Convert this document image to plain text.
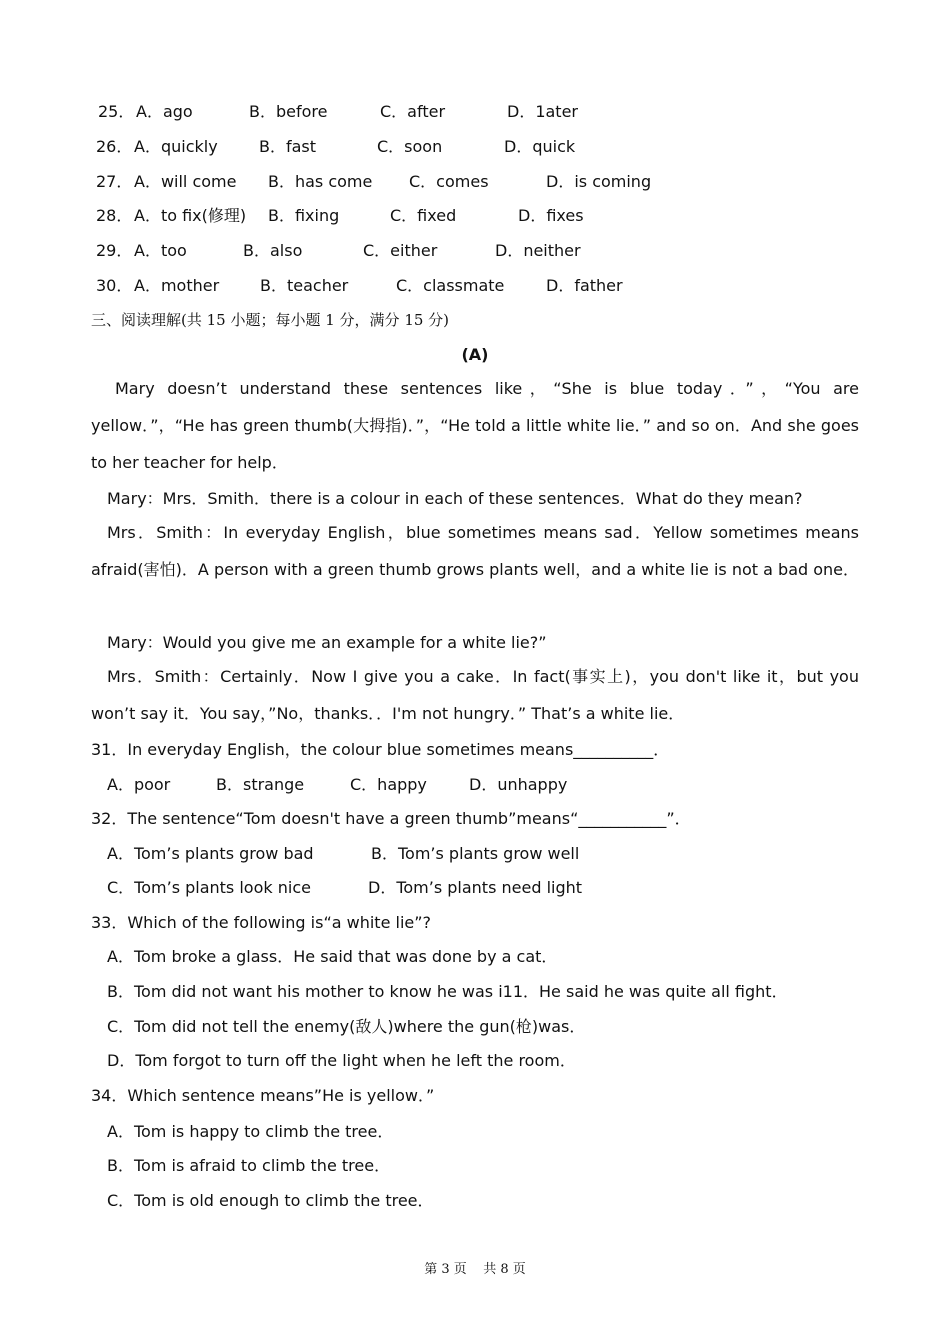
25． A．ago	B．before	C．after	D．1ater
26． A．quickly	B．fast	C．soon	D．quick
27． A．will come B．has come C．comes	D．is coming
28． A．to fix(修理) B．fixing	C．fixed	D．fixes
29． A．too	B．also	C．either	D．neither
30． A．mother	B．teacher	C．classmate	D．father
三、阅读理解(共 15 小题；每小题 1 分，满分 15 分)
(A)
Mary doesn’t understand these sentences like，“She is blue today．”，“You are yellow．”，“He has green thumb(大拇指)．”，“He told a little white lie．” and so on．And she goes to her teacher for help．
Mary：Mrs．Smith．there is a colour in each of these sentences．What do they mean?
Mrs．Smith：In everyday English，blue sometimes means sad．Yellow sometimes means afraid(害怕)．A person with a green thumb grows plants well，and a white lie is not a bad one．
Mary：Would you give me an example for a white lie?”
Mrs．Smith：Certainly．Now I give you a cake．In fact(事实上)，you don't like it，but you won’t say it．You say，”No，thanks．．I'm not hungry．” That’s a white lie．
31．In everyday English，the colour blue sometimes means__________．
A．poor	B．strange	C．happy	D．unhappy
32．The sentence“Tom doesn't have a green thumb”means“___________”．
A．Tom’s plants grow bad	B．Tom’s plants grow well
C．Tom’s plants look nice	D．Tom’s plants need light
33．Which of the following is“a white lie”?
A．Tom broke a glass．He said that was done by a cat．
B．Tom did not want his mother to know he was i11．He said he was quite all fight．
C．Tom did not tell the enemy(敌人)where the gun(枪)was．
D．Tom forgot to turn off the light when he left the room．
34．Which sentence means”He is yellow．”
A．Tom is happy to climb the tree．
B．Tom is afraid to climb the tree．
C．Tom is old enough to climb the tree．
第 3 页    共 8 页
